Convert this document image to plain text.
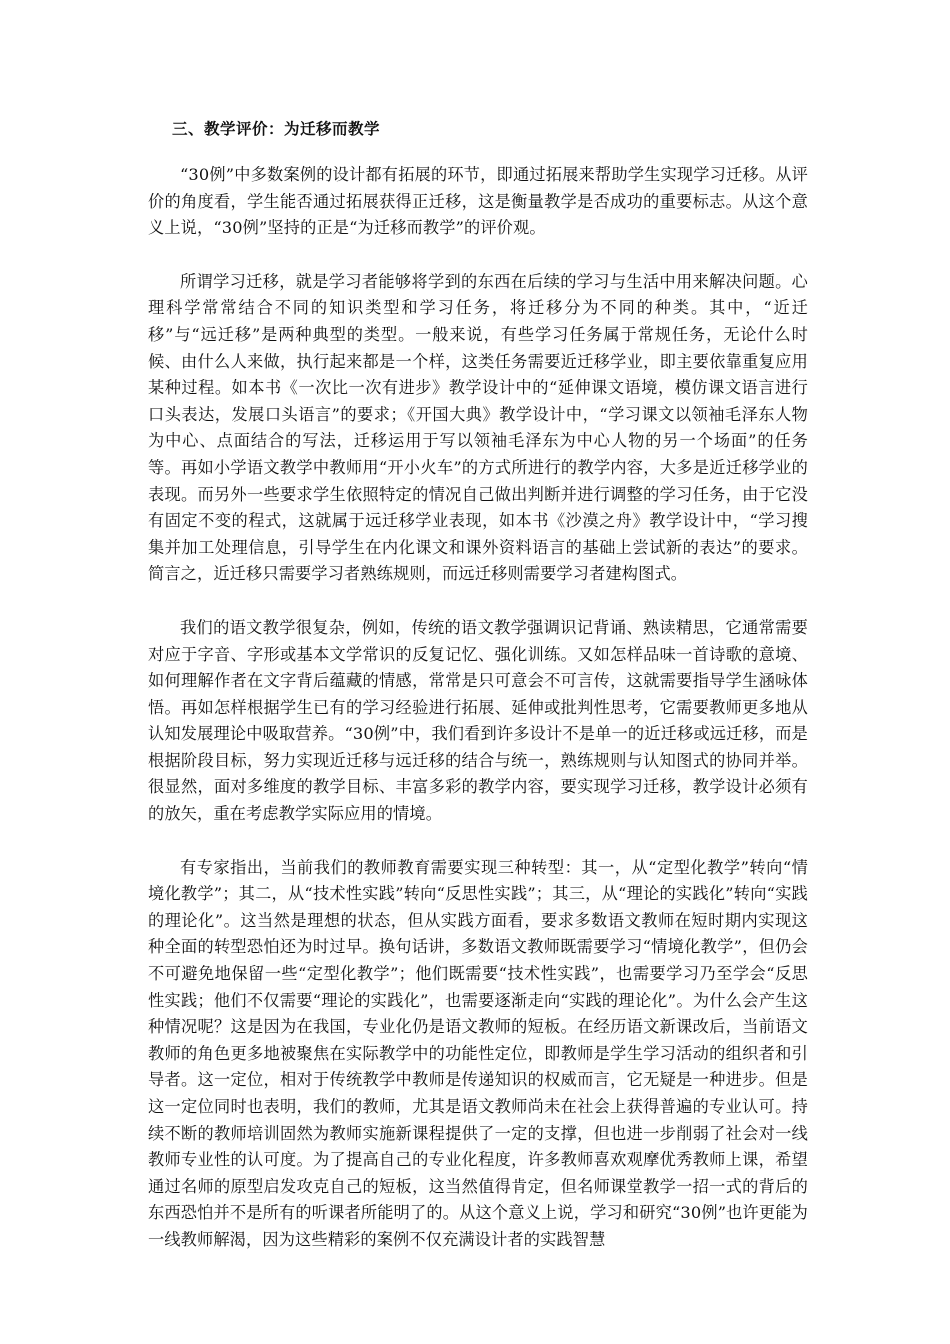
三、教学评价：为迁移而教学

“30例”中多数案例的设计都有拓展的环节，即通过拓展来帮助学生实现学习迁移。从评价的角度看，学生能否通过拓展获得正迁移，这是衡量教学是否成功的重要标志。从这个意义上说，“30例”坚持的正是“为迁移而教学”的评价观。

所谓学习迁移，就是学习者能够将学到的东西在后续的学习与生活中用来解决问题。心理科学常常结合不同的知识类型和学习任务，将迁移分为不同的种类。其中，“近迁移”与“远迁移”是两种典型的类型。一般来说，有些学习任务属于常规任务，无论什么时候、由什么人来做，执行起来都是一个样，这类任务需要近迁移学业，即主要依靠重复应用某种过程。如本书《一次比一次有进步》教学设计中的“延伸课文语境，模仿课文语言进行口头表达，发展口头语言”的要求；《开国大典》教学设计中，“学习课文以领袖毛泽东人物为中心、点面结合的写法，迁移运用于写以领袖毛泽东为中心人物的另一个场面”的任务等。再如小学语文教学中教师用“开小火车”的方式所进行的教学内容，大多是近迁移学业的表现。而另外一些要求学生依照特定的情况自己做出判断并进行调整的学习任务，由于它没有固定不变的程式，这就属于远迁移学业表现，如本书《沙漠之舟》教学设计中，“学习搜集并加工处理信息，引导学生在内化课文和课外资料语言的基础上尝试新的表达”的要求。简言之，近迁移只需要学习者熟练规则，而远迁移则需要学习者建构图式。

我们的语文教学很复杂，例如，传统的语文教学强调识记背诵、熟读精思，它通常需要对应于字音、字形或基本文学常识的反复记忆、强化训练。又如怎样品味一首诗歌的意境、如何理解作者在文字背后蕴藏的情感，常常是只可意会不可言传，这就需要指导学生涵咏体悟。再如怎样根据学生已有的学习经验进行拓展、延伸或批判性思考，它需要教师更多地从认知发展理论中吸取营养。“30例”中，我们看到许多设计不是单一的近迁移或远迁移，而是根据阶段目标，努力实现近迁移与远迁移的结合与统一，熟练规则与认知图式的协同并举。很显然，面对多维度的教学目标、丰富多彩的教学内容，要实现学习迁移，教学设计必须有的放矢，重在考虑教学实际应用的情境。

有专家指出，当前我们的教师教育需要实现三种转型：其一，从“定型化教学”转向“情境化教学”；其二，从“技术性实践”转向“反思性实践”；其三，从“理论的实践化”转向“实践的理论化”。这当然是理想的状态，但从实践方面看，要求多数语文教师在短时期内实现这种全面的转型恐怕还为时过早。换句话讲，多数语文教师既需要学习“情境化教学”，但仍会不可避免地保留一些“定型化教学”；他们既需要“技术性实践”，也需要学习乃至学会“反思性实践；他们不仅需要“理论的实践化”，也需要逐渐走向“实践的理论化”。为什么会产生这种情况呢？这是因为在我国，专业化仍是语文教师的短板。在经历语文新课改后，当前语文教师的角色更多地被聚焦在实际教学中的功能性定位，即教师是学生学习活动的组织者和引导者。这一定位，相对于传统教学中教师是传递知识的权威而言，它无疑是一种进步。但是这一定位同时也表明，我们的教师，尤其是语文教师尚未在社会上获得普遍的专业认可。持续不断的教师培训固然为教师实施新课程提供了一定的支撑，但也进一步削弱了社会对一线教师专业性的认可度。为了提高自己的专业化程度，许多教师喜欢观摩优秀教师上课，希望通过名师的原型启发攻克自己的短板，这当然值得肯定，但名师课堂教学一招一式的背后的东西恐怕并不是所有的听课者所能明了的。从这个意义上说，学习和研究“30例”也许更能为一线教师解渴，因为这些精彩的案例不仅充满设计者的实践智慧
